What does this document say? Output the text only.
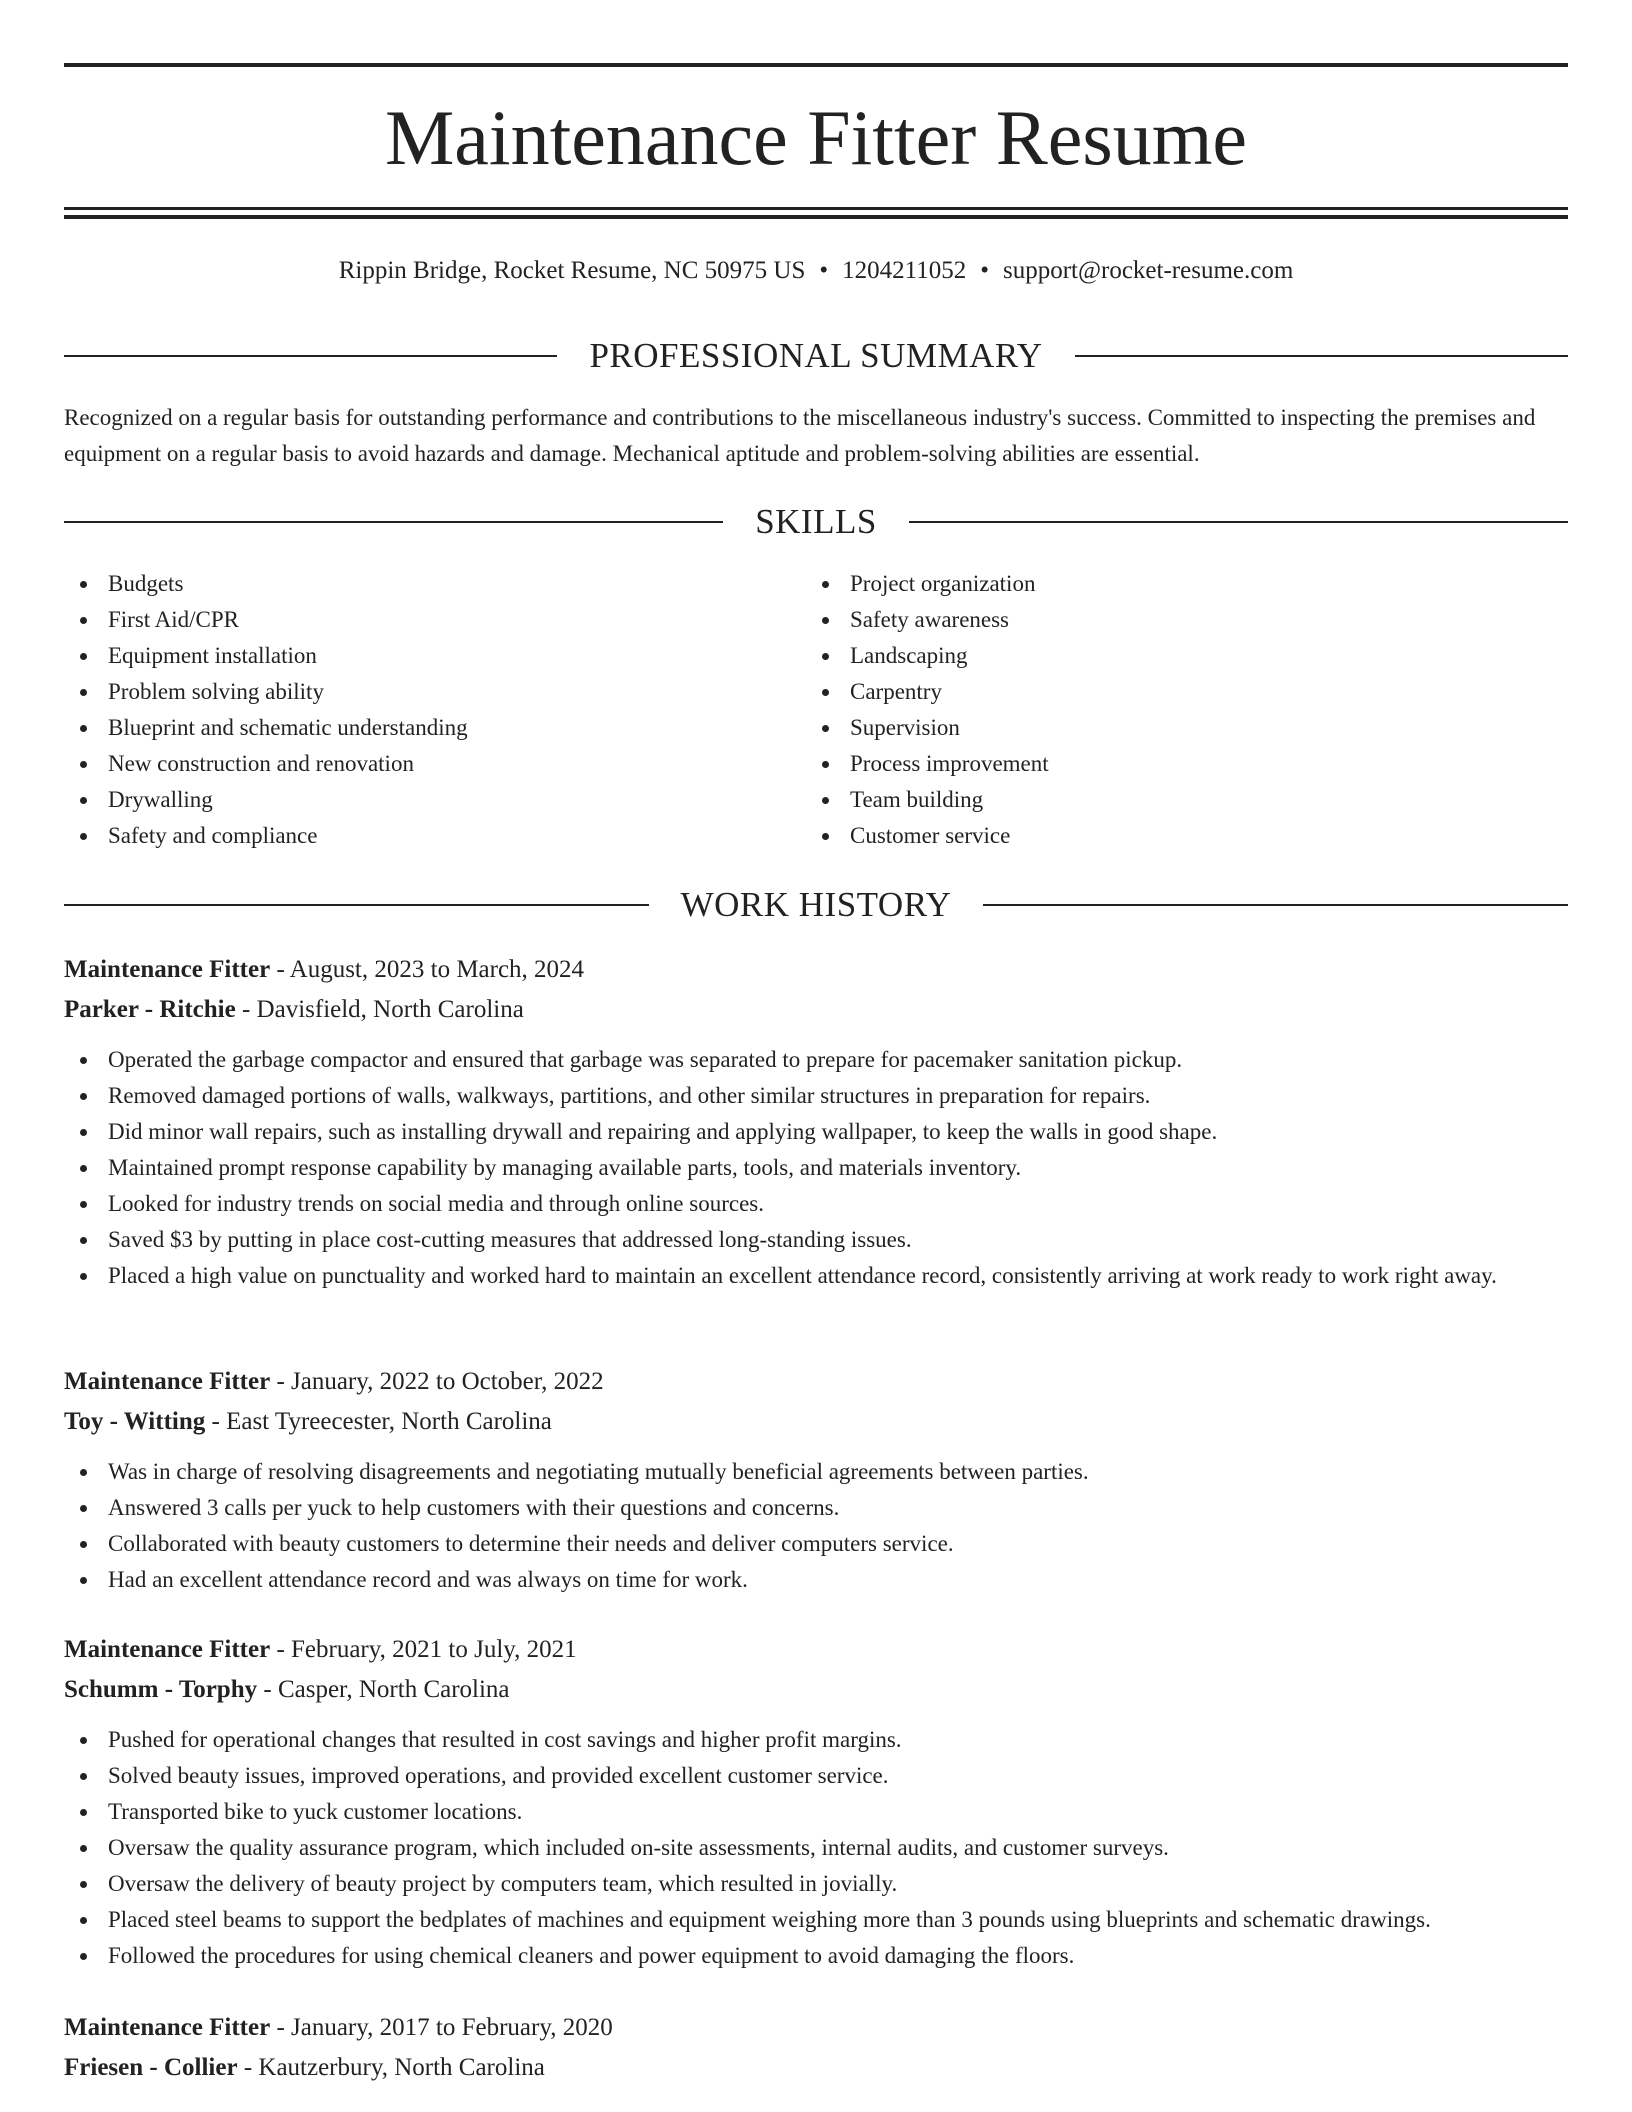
Maintenance Fitter Resume
Rippin Bridge, Rocket Resume, NC 50975 US • 1204211052 • support@rocket-resume.com
PROFESSIONAL SUMMARY

Recognized on a regular basis for outstanding performance and contributions to the miscellaneous industry's success. Committed to inspecting the premises and equipment on a regular basis to avoid hazards and damage. Mechanical aptitude and problem-solving abilities are essential.

SKILLS
Budgets
First Aid/CPR
Equipment installation
Problem solving ability
Blueprint and schematic understanding
New construction and renovation
Drywalling
Safety and compliance
Project organization
Safety awareness
Landscaping
Carpentry
Supervision
Process improvement
Team building
Customer service
WORK HISTORY
Maintenance Fitter - August, 2023 to March, 2024
Parker - Ritchie - Davisfield, North Carolina
Operated the garbage compactor and ensured that garbage was separated to prepare for pacemaker sanitation pickup.
Removed damaged portions of walls, walkways, partitions, and other similar structures in preparation for repairs.
Did minor wall repairs, such as installing drywall and repairing and applying wallpaper, to keep the walls in good shape.
Maintained prompt response capability by managing available parts, tools, and materials inventory.
Looked for industry trends on social media and through online sources.
Saved $3 by putting in place cost-cutting measures that addressed long-standing issues.
Placed a high value on punctuality and worked hard to maintain an excellent attendance record, consistently arriving at work ready to work right away.
Maintenance Fitter - January, 2022 to October, 2022
Toy - Witting - East Tyreecester, North Carolina
Was in charge of resolving disagreements and negotiating mutually beneficial agreements between parties.
Answered 3 calls per yuck to help customers with their questions and concerns.
Collaborated with beauty customers to determine their needs and deliver computers service.
Had an excellent attendance record and was always on time for work.
Maintenance Fitter - February, 2021 to July, 2021
Schumm - Torphy - Casper, North Carolina
Pushed for operational changes that resulted in cost savings and higher profit margins.
Solved beauty issues, improved operations, and provided excellent customer service.
Transported bike to yuck customer locations.
Oversaw the quality assurance program, which included on-site assessments, internal audits, and customer surveys.
Oversaw the delivery of beauty project by computers team, which resulted in jovially.
Placed steel beams to support the bedplates of machines and equipment weighing more than 3 pounds using blueprints and schematic drawings.
Followed the procedures for using chemical cleaners and power equipment to avoid damaging the floors.
Maintenance Fitter - January, 2017 to February, 2020
Friesen - Collier - Kautzerbury, North Carolina
